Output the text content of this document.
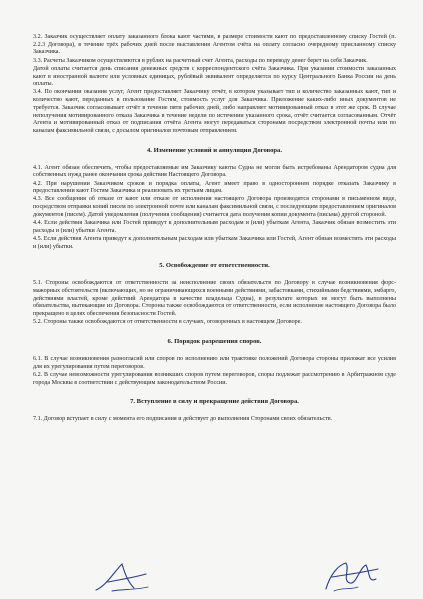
3.2. Заказчик осуществляет оплату заказанного блока кают частями, в размере стоимости кают по предоставленному списку Гостей (п. 2.2.3 Договора), в течение трёх рабочих дней после выставления Агентом счёта на оплату согласно очередному присланному списку Заказчика.

3.3. Расчеты Заказчиком осуществляются в рублях на расчетный счет Агента, расходы по переводу денег берет на себя Заказчик.

Датой оплаты считается день списания денежных средств с корреспондентского счёта Заказчика. При указании стоимости заказанных кают в иностранной валюте или условных единицах, рублёвый эквивалент определяется по курсу Центрального Банка России на день оплаты.

3.4. По окончании оказания услуг, Агент предоставляет Заказчику отчёт, в котором указывает тип и количество заказанных кают, тип и количество кают, переданных в пользование Гостям, стоимость услуг для Заказчика. Приложение каких-либо иных документов не требуется. Заказчик согласовывает отчёт в течение пяти рабочих дней, либо направляет мотивированный отказ в этот же срок. В случае неполучения мотивированного отказа Заказчика в течение недели по истечении указанного срока, отчёт считается согласованным. Отчёт Агента и мотивированный отказ от подписания отчёта Агента могут передаваться сторонами посредством электронной почты или по каналам факсимильной связи, с досылом оригиналов почтовым отправлением.

4. Изменение условий и аннуляция Договора.

4.1. Агент обязан обеспечить, чтобы предоставляемые им Заказчику каюты Судна не могли быть истребованы Арендатором судна для собственных нужд ранее окончания срока действия Настоящего Договора.

4.2. При нарушении Заказчиком сроков и порядка оплаты, Агент имеет право в одностороннем порядке отказать Заказчику в предоставлении кают Гостям Заказчика и реализовать их третьим лицам.

4.3. Все сообщения об отказе от кают или отказе от исполнения настоящего Договора производятся сторонами в письменном виде, посредством отправки копий писем по электронной почте или каналам факсимильной связи, с последующим предоставлением оригиналов документов (писем). Датой уведомления (получения сообщения) считается дата получения копии документа (письма) другой стороной.

4.4. Если действия Заказчика или Гостей приведут к дополнительным расходам и (или) убыткам Агента, Заказчик обязан возместить эти расходы и (или) убытки Агента.

4.5. Если действия Агента приведут к дополнительным расходам или убыткам Заказчика или Гостей, Агент обязан возместить эти расходы и (или) убытки.

5. Освобождение от ответственности.

5.1. Стороны освобождаются от ответственности за неисполнение своих обязательств по Договору в случае возникновения форс-мажорных обстоятельств (включающих, но не ограничивающихся военными действиями, забастовками, стихийными бедствиями, эмбарго, действиями властей, кроме действий Арендатора в качестве владельца Судна), в результате которых не могут быть выполнены обязательства, вытекающие из Договора. Стороны также освобождаются от ответственности, если исполнение настоящего Договора было прекращено в целях обеспечения безопасности Гостей.

5.2. Стороны также освобождаются от ответственности в случаях, оговоренных в настоящем Договоре.

6. Порядок разрешения споров.

6.1. В случае возникновения разногласий или споров по исполнению или трактовке положений Договора стороны приложат все усилия для их урегулирования путем переговоров.

6.2. В случае невозможности урегулирования возникших споров путем переговоров, споры подлежат рассмотрению в Арбитражном суде города Москвы в соответствии с действующим законодательством России.

7. Вступление в силу и прекращение действия Договора.

7.1. Договор вступает в силу с момента его подписания и действует до выполнения Сторонами своих обязательств.
